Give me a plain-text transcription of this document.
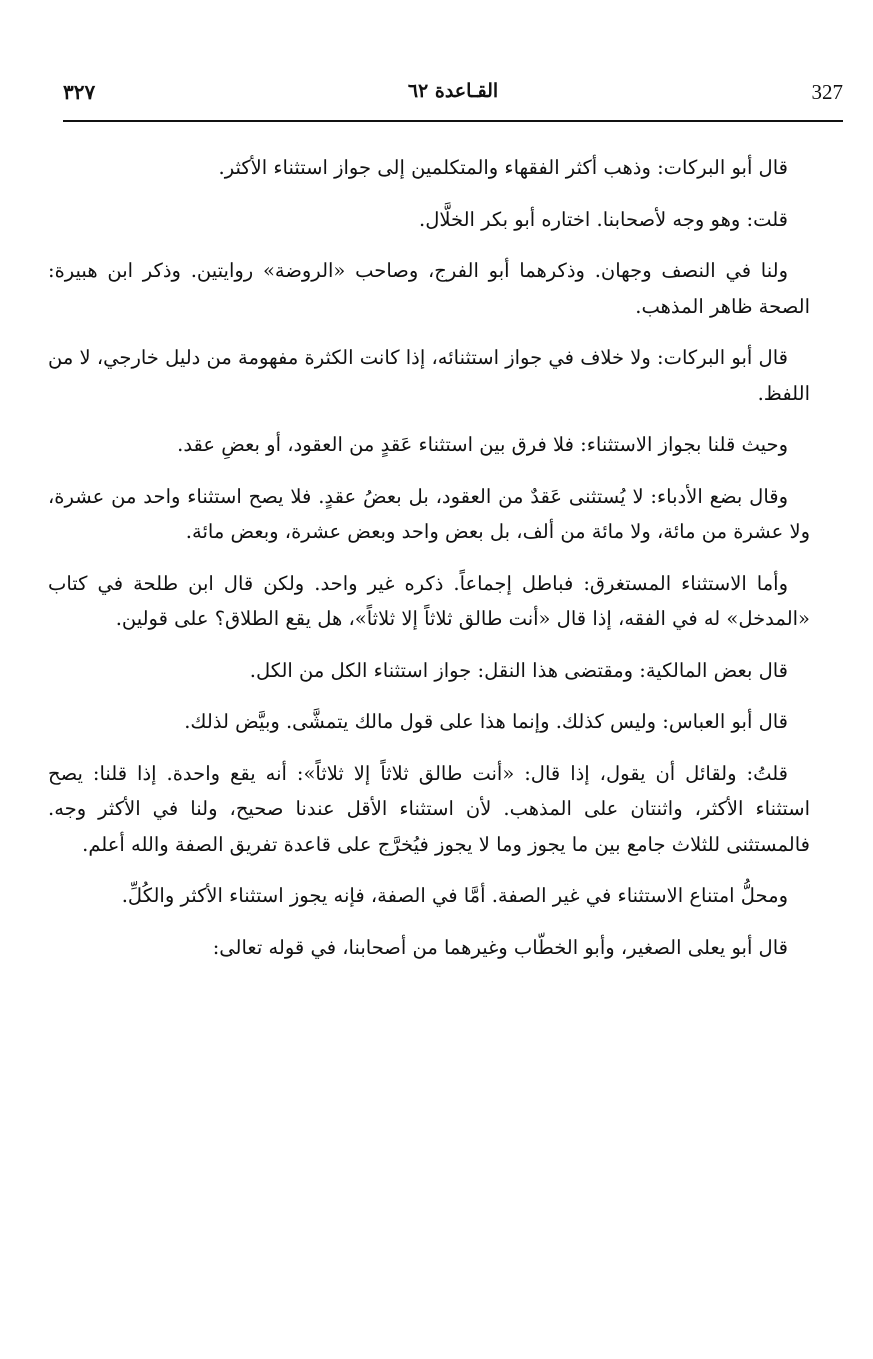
327
القـاعدة ٦٢
٣٢٧

قال أبو البركات: وذهب أكثر الفقهاء والمتكلمين إلى جواز استثناء الأكثر.

قلت: وهو وجه لأصحابنا. اختاره أبو بكر الخلَّال.

ولنا في النصف وجهان. وذكرهما أبو الفرج، وصاحب «الروضة» روايتين. وذكر ابن هبيرة: الصحة ظاهر المذهب.

قال أبو البركات: ولا خلاف في جواز استثنائه، إذا كانت الكثرة مفهومة من دليل خارجي، لا من اللفظ.

وحيث قلنا بجواز الاستثناء: فلا فرق بين استثناء عَقدٍ من العقود، أو بعضِ عقد.

وقال بضع الأدباء: لا يُستثنى عَقدٌ من العقود، بل بعضُ عقدٍ. فلا يصح استثناء واحد من عشرة، ولا عشرة من مائة، ولا مائة من ألف، بل بعض واحد وبعض عشرة، وبعض مائة.

وأما الاستثناء المستغرق: فباطل إجماعاً. ذكره غير واحد. ولكن قال ابن طلحة في كتاب «المدخل» له في الفقه، إذا قال «أنت طالق ثلاثاً إلا ثلاثاً»، هل يقع الطلاق؟ على قولين.

قال بعض المالكية: ومقتضى هذا النقل: جواز استثناء الكل من الكل.

قال أبو العباس: وليس كذلك. وإنما هذا على قول مالك يتمشَّى. وبيَّض لذلك.

قلتُ: ولقائل أن يقول، إذا قال: «أنت طالق ثلاثاً إلا ثلاثاً»: أنه يقع واحدة. إذا قلنا: يصح استثناء الأكثر، واثنتان على المذهب. لأن استثناء الأقل عندنا صحيح، ولنا في الأكثر وجه. فالمستثنى للثلاث جامع بين ما يجوز وما لا يجوز فيُخرَّج على قاعدة تفريق الصفة والله أعلم.

ومحلُّ امتناع الاستثناء في غير الصفة. أمَّا في الصفة، فإنه يجوز استثناء الأكثر والكُلِّ.

قال أبو يعلى الصغير، وأبو الخطّاب وغيرهما من أصحابنا، في قوله تعالى:
